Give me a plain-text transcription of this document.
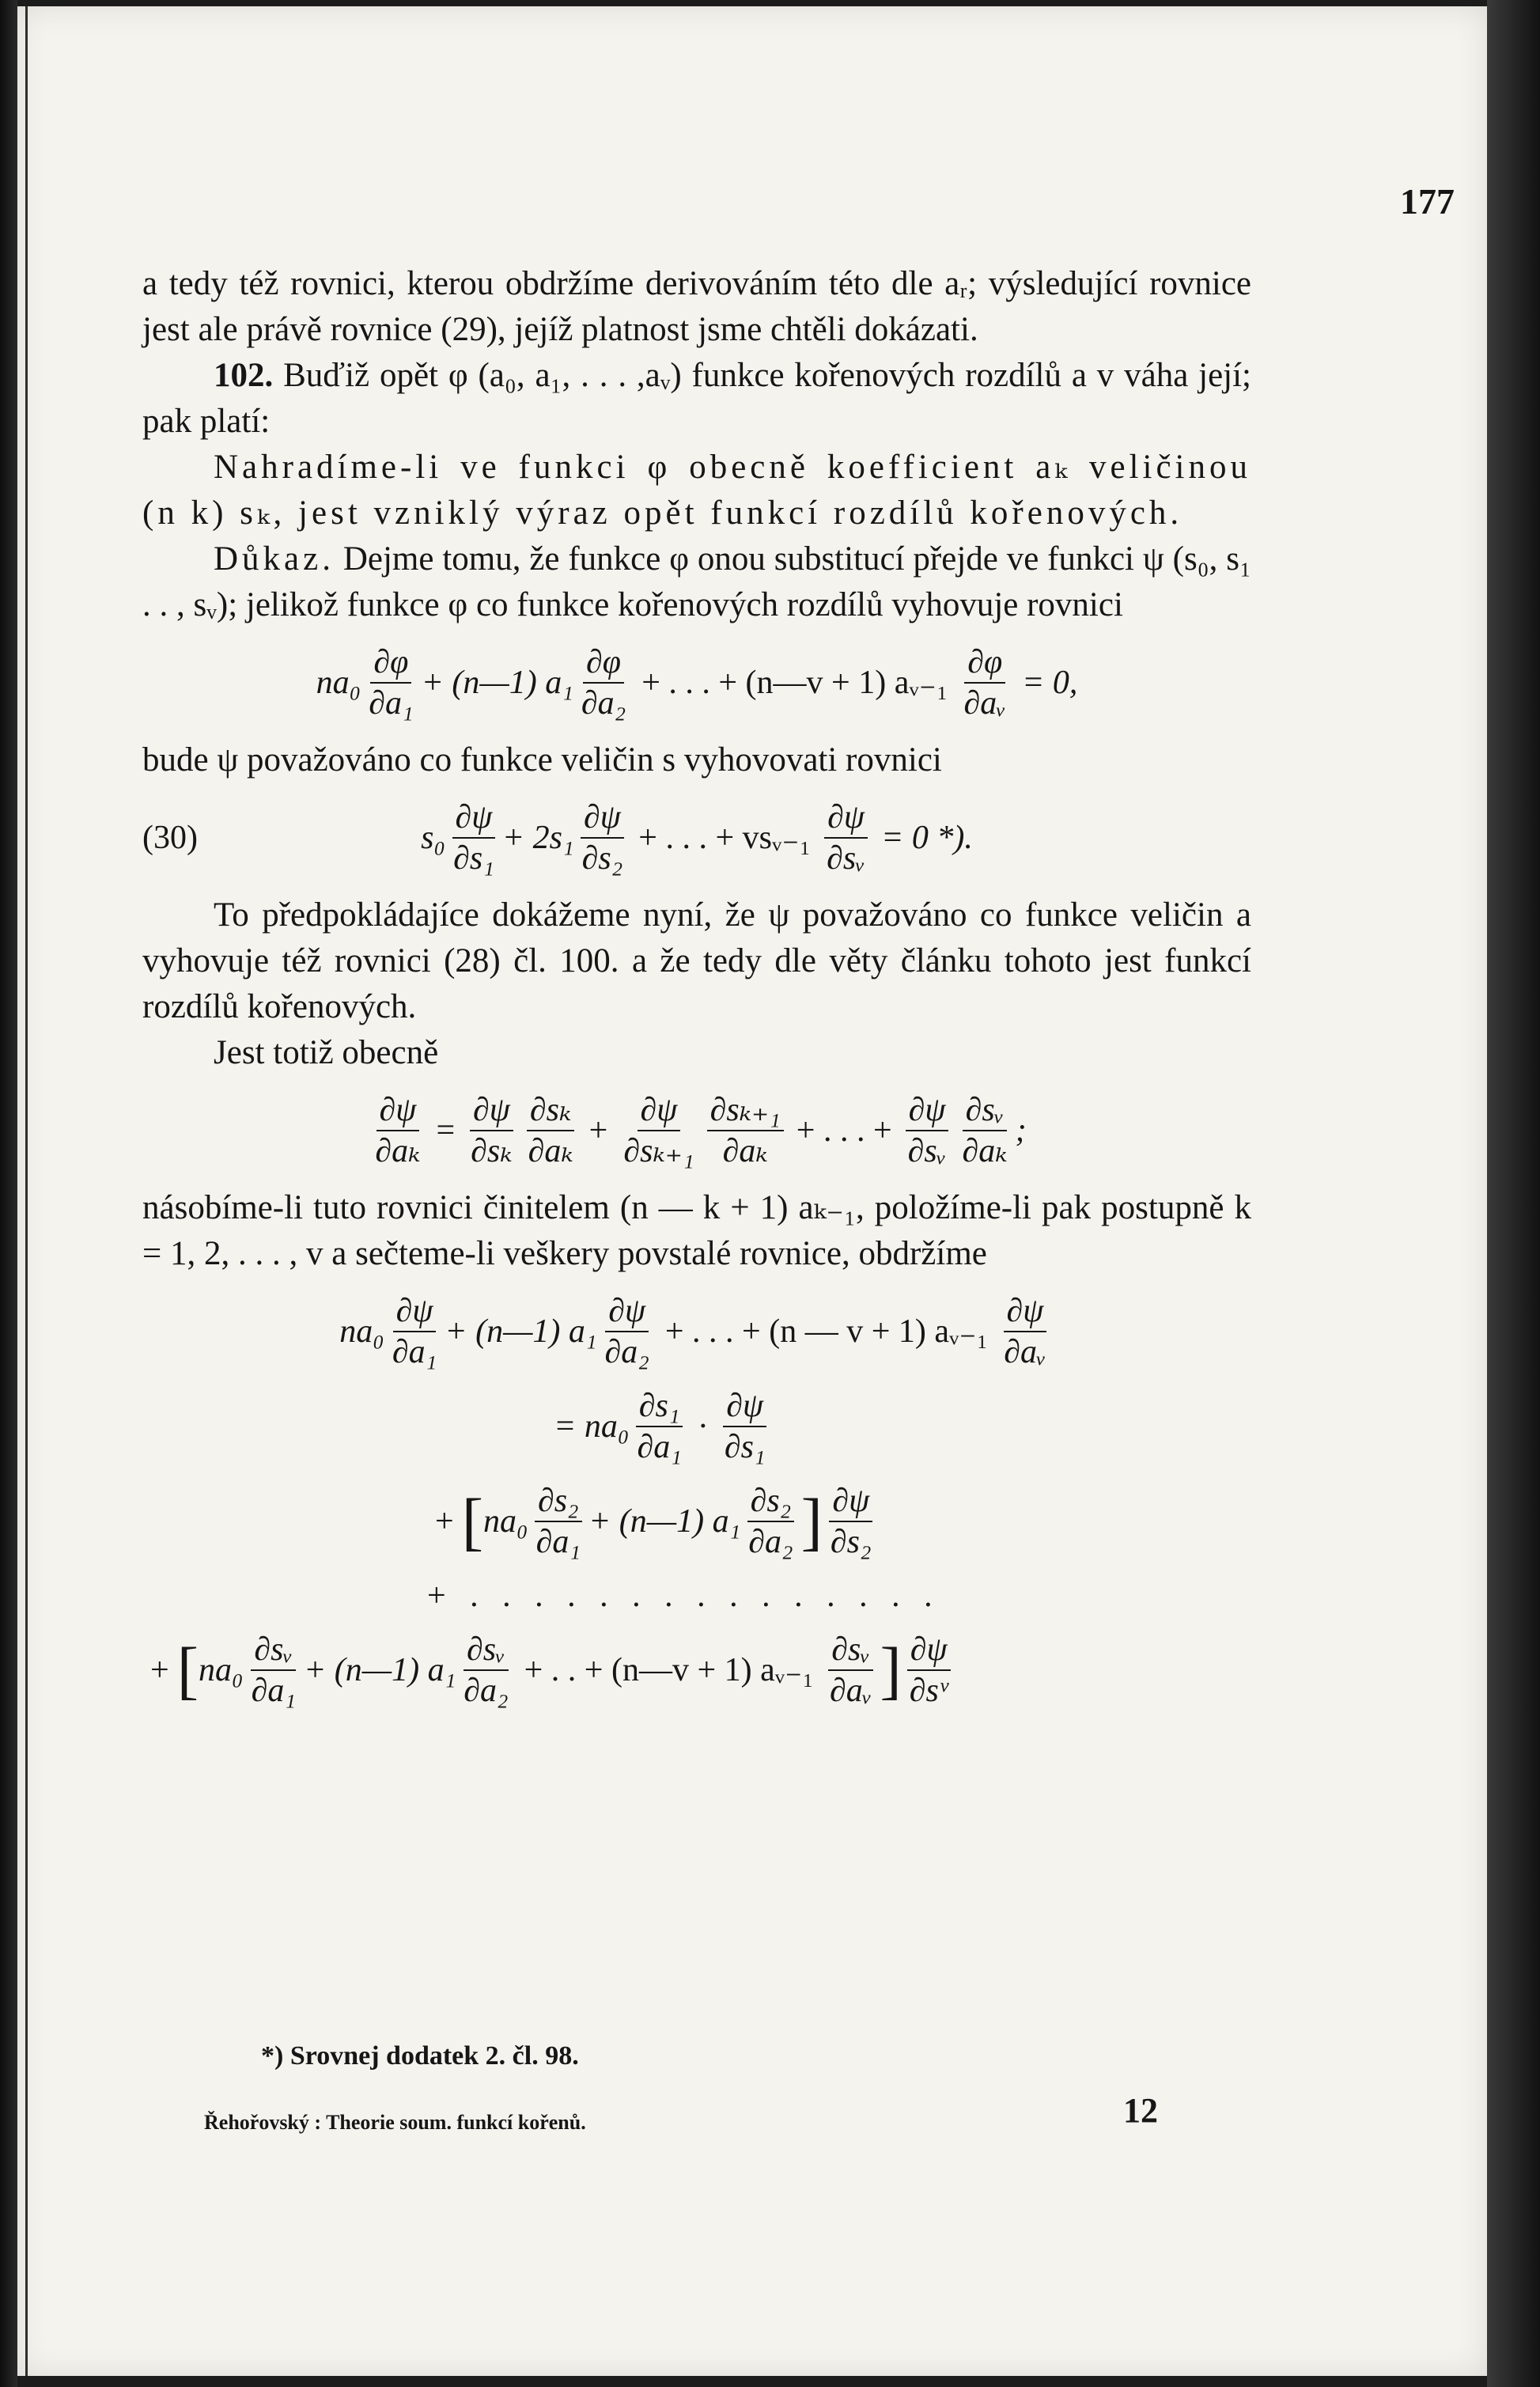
177

a tedy též rovnici, kterou obdržíme derivováním této dle aᵣ; výsledující rovnice jest ale právě rovnice (29), jejíž platnost jsme chtěli dokázati.

102. Buďiž opět φ (a₀, a₁, . . . ,aᵥ) funkce kořenových rozdílů a v váha její; pak platí:

Nahradíme-li ve funkci φ obecně koefficient aₖ veličinou (n k) sₖ, jest vzniklý výraz opět funkcí rozdílů kořenových.

Důkaz. Dejme tomu, že funkce φ onou substitucí přejde ve funkci ψ (s₀, s₁ . . , sᵥ); jelikož funkce φ co funkce kořenových rozdílů vyhovuje rovnici

$na_0 \frac{\partial\varphi}{\text{∂a₁}}$ + (n—1) $a_1 \frac{\partial\varphi}{\text{∂a₂}}$ + . . . + (n—v + 1) aᵥ₋₁ $\frac{\partial\varphi}{\text{∂aᵥ}} = 0$,

bude ψ považováno co funkce veličin s vyhovovati rovnici

(30)	$s_0 \frac{\partial\psi}{\text{∂s₁}} + 2s_1 \frac{\partial\psi}{\text{∂s₂}}$ + . . . + vsᵥ₋₁ $\frac{\partial\psi}{\text{∂sᵥ}} = 0$ *).

To předpokládajíce dokážeme nyní, že ψ považováno co funkce veličin a vyhovuje též rovnici (28) čl. 100. a že tedy dle věty článku tohoto jest funkcí rozdílů kořenových.

Jest totiž obecně

$\frac{\partial\psi}{\text{∂aₖ}} = \frac{\partial\psi}{\text{∂sₖ}} \frac{\text{∂sₖ}}{\text{∂aₖ}} + \frac{\partial\psi}{\text{∂sₖ₊₁}} \frac{\text{∂sₖ₊₁}}{\text{∂aₖ}}$ + . . . + $\frac{\partial\psi}{\text{∂sᵥ}} \frac{\text{∂sᵥ}}{\text{∂aₖ}}$ ;

násobíme-li tuto rovnici činitelem (n — k + 1) aₖ₋₁, položíme-li pak postupně k = 1, 2, . . . , v a sečteme-li veškery povstalé rovnice, obdržíme

$na_0 \frac{\partial\psi}{\text{∂a₁}}$ + (n—1) $a_1 \frac{\partial\psi}{\text{∂a₂}}$ + . . . + (n — v + 1) aᵥ₋₁ $\frac{\partial\psi}{\text{∂aᵥ}}$
= $na_0 \frac{\text{∂s₁}}{\text{∂a₁}} \cdot \frac{\partial\psi}{\text{∂s₁}}$
+ [ $na_0 \frac{\text{∂s₂}}{\text{∂a₁}}$ + (n—1) $a_1 \frac{\text{∂s₂}}{\text{∂a₂}}$ ] $\frac{\partial\psi}{\text{∂s₂}}$
+ . . . . . . . . . . . . . . .
+ [ $na_0 \frac{\text{∂sᵥ}}{\text{∂a₁}}$ + (n—1) $a_1 \frac{\text{∂sᵥ}}{\text{∂a₂}}$ + . . + (n—v + 1) aᵥ₋₁ $\frac{\text{∂sᵥ}}{\text{∂aᵥ}}$ ] $\frac{\partial\psi}{\text{∂sᵛ}}$
*) Srovnej dodatek 2. čl. 98.
Řehořovský : Theorie soum. funkcí kořenů.	12
